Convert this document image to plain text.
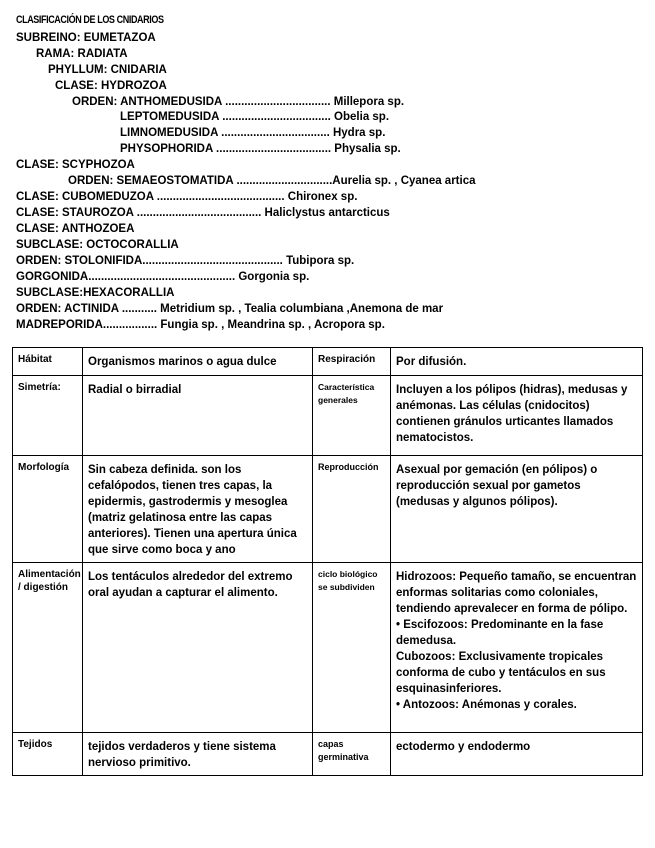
CLASIFICACIÓN DE LOS CNIDARIOS
SUBREINO: EUMETAZOA
RAMA: RADIATA
PHYLLUM: CNIDARIA
CLASE: HYDROZOA
ORDEN: ANTHOMEDUSIDA ................................. Millepora sp.
LEPTOMEDUSIDA .................................. Obelia sp.
LIMNOMEDUSIDA .................................. Hydra sp.
PHYSOPHORIDA .................................... Physalia sp.
CLASE: SCYPHOZOA
ORDEN: SEMAEOSTOMATIDA ..............................Aurelia sp. , Cyanea artica
CLASE: CUBOMEDUZOA ........................................ Chironex sp.
CLASE: STAUROZOA ....................................... Haliclystus antarcticus
CLASE: ANTHOZOEA
SUBCLASE: OCTOCORALLIA
ORDEN: STOLONIFIDA............................................ Tubipora sp.
GORGONIDA.............................................. Gorgonia sp.
SUBCLASE:HEXACORALLIA
ORDEN: ACTINIDA ........... Metridium sp. , Tealia columbiana ,Anemona de mar
MADREPORIDA................. Fungia sp. , Meandrina sp. , Acropora sp.
Hábitat	Organismos marinos o agua dulce	Respiración	Por difusión.

Simetría:	Radial o birradial	Característica generales	Incluyen a los pólipos (hidras), medusas y anémonas. Las células (cnidocitos) contienen gránulos urticantes llamados nematocistos.

Morfología	Sin cabeza definida. son los cefalópodos, tienen tres capas, la epidermis, gastrodermis y mesoglea (matriz gelatinosa entre las capas anteriores). Tienen una apertura única que sirve como boca y ano	Reproducción	Asexual por gemación (en pólipos) o reproducción sexual por gametos (medusas y algunos pólipos).

Alimentación / digestión	Los tentáculos alrededor del extremo oral ayudan a capturar el alimento.	ciclo biológico se subdividen	Hidrozoos: Pequeño tamaño, se encuentran enformas solitarias como coloniales, tendiendo aprevalecer en forma de pólipo.
• Escifozoos: Predominante en la fase demedusa.
Cubozoos: Exclusivamente tropicales conforma de cubo y tentáculos en sus esquinasinferiores.
• Antozoos: Anémonas y corales.

Tejidos	tejidos verdaderos y tiene sistema nervioso primitivo.	capas germinativa	ectodermo y endodermo
